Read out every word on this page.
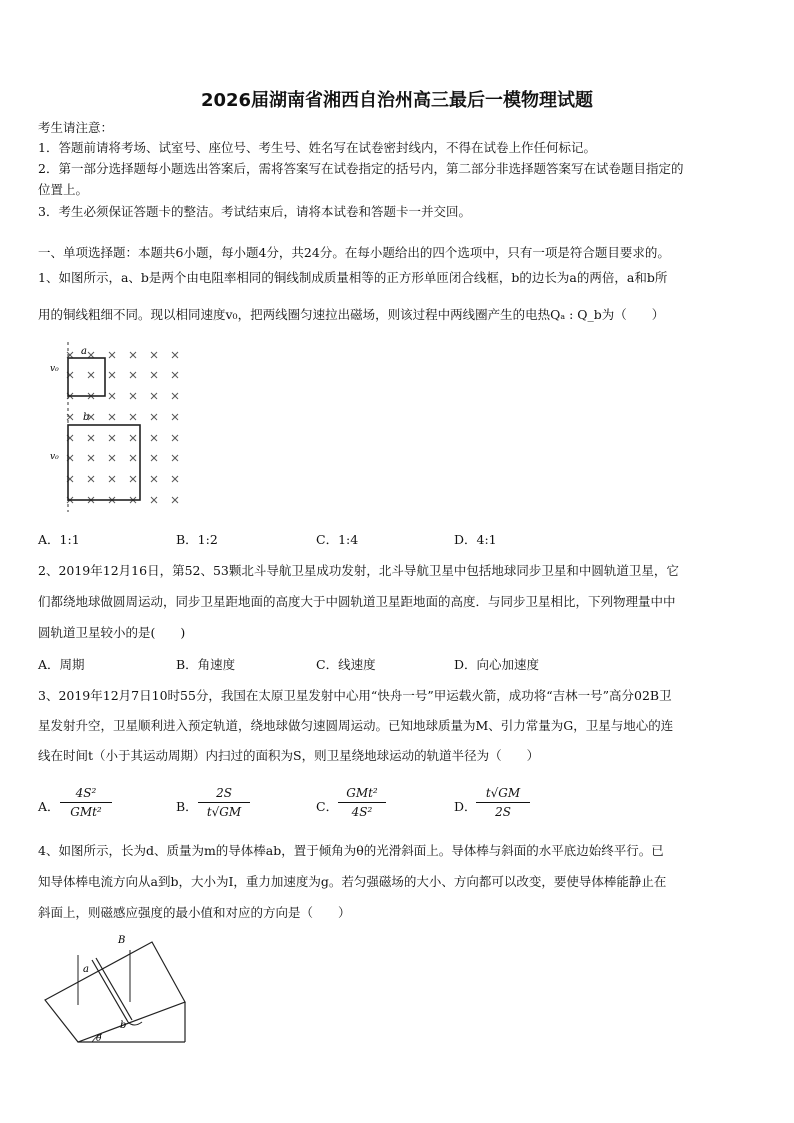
2026届湖南省湘西自治州高三最后一模物理试题
考生请注意：
1．答题前请将考场、试室号、座位号、考生号、姓名写在试卷密封线内，不得在试卷上作任何标记。
2．第一部分选择题每小题选出答案后，需将答案写在试卷指定的括号内，第二部分非选择题答案写在试卷题目指定的
位置上。
3．考生必须保证答题卡的整洁。考试结束后，请将本试卷和答题卡一并交回。
一、单项选择题：本题共6小题，每小题4分，共24分。在每小题给出的四个选项中，只有一项是符合题目要求的。
1、如图所示，a、b是两个由电阻率相同的铜线制成质量相等的正方形单匝闭合线框，b的边长为a的两倍，a和b所
用的铜线粗细不同。现以相同速度v₀，把两线圈匀速拉出磁场，则该过程中两线圈产生的电热Qₐ : Q_b为（　　）
a
b
v₀
v₀
A．1:1	B．1:2	C．1:4	D．4:1
2、2019年12月16日，第52、53颗北斗导航卫星成功发射，北斗导航卫星中包括地球同步卫星和中圆轨道卫星，它
们都绕地球做圆周运动，同步卫星距地面的高度大于中圆轨道卫星距地面的高度．与同步卫星相比，下列物理量中中
圆轨道卫星较小的是(　　)
A．周期	B．角速度	C．线速度	D．向心加速度
3、2019年12月7日10时55分，我国在太原卫星发射中心用“快舟一号”甲运载火箭，成功将“吉林一号”高分02B卫
星发射升空，卫星顺利进入预定轨道，绕地球做匀速圆周运动。已知地球质量为M、引力常量为G，卫星与地心的连
线在时间t（小于其运动周期）内扫过的面积为S，则卫星绕地球运动的轨道半径为（　　）
A．
4S²
GMt²	B． $\frac{2S}{t√GM}$	C．
GMt²
4S²	D． $\frac{t√GM}{2S}$
4、如图所示，长为d、质量为m的导体棒ab，置于倾角为θ的光滑斜面上。导体棒与斜面的水平底边始终平行。已
知导体棒电流方向从a到b，大小为I，重力加速度为g。若匀强磁场的大小、方向都可以改变，要使导体棒能静止在
斜面上，则磁感应强度的最小值和对应的方向是（　　）
B
a
b
θ
